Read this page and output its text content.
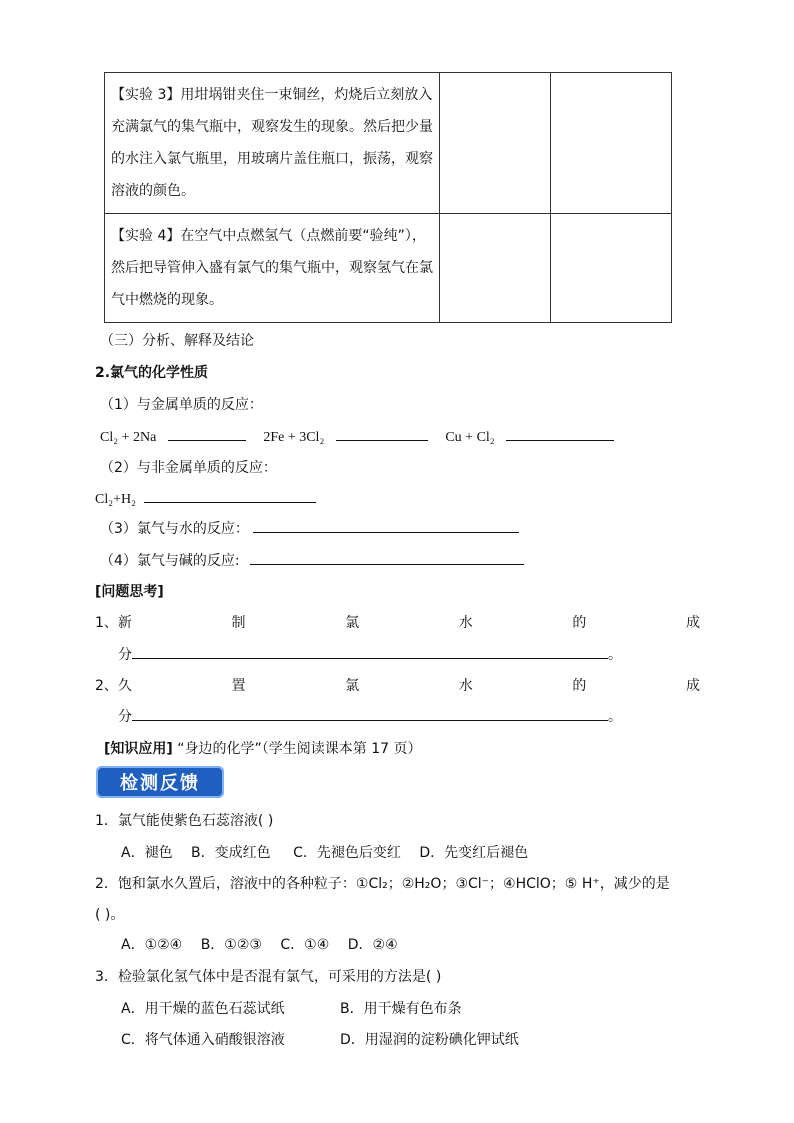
【实验 3】用坩埚钳夹住一束铜丝，灼烧后立刻放入充满氯气的集气瓶中，观察发生的现象。然后把少量的水注入氯气瓶里，用玻璃片盖住瓶口，振荡，观察溶液的颜色。		
【实验 4】在空气中点燃氢气（点燃前要“验纯”），然后把导管伸入盛有氯气的集气瓶中，观察氢气在氯气中燃烧的现象。		
（三）分析、解释及结论
2.氯气的化学性质
（1）与金属单质的反应：
Cl₂ + 2Na	2Fe + 3Cl₂	Cu + Cl₂
（2）与非金属单质的反应：
Cl₂+H₂
（3）氯气与水的反应：
（4）氯气与碱的反应:
[问题思考]
1、新	制	氯	水	的	成
分	。
2、久	置	氯	水	的	成
分	。
[知识应用] “身边的化学”（学生阅读课本第 17 页）
检测反馈
1．氯气能使紫色石蕊溶液( )
A．褪色 B．变成红色 C．先褪色后变红 D．先变红后褪色
2．饱和氯水久置后，溶液中的各种粒子：①Cl₂；②H₂O；③Cl⁻；④HClO；⑤ H⁺，减少的是
( )。
A．①②④ B．①②③ C．①④ D．②④
3．检验氯化氢气体中是否混有氯气，可采用的方法是( )
A．用干燥的蓝色石蕊试纸	B．用干燥有色布条
C．将气体通入硝酸银溶液	D．用湿润的淀粉碘化钾试纸
